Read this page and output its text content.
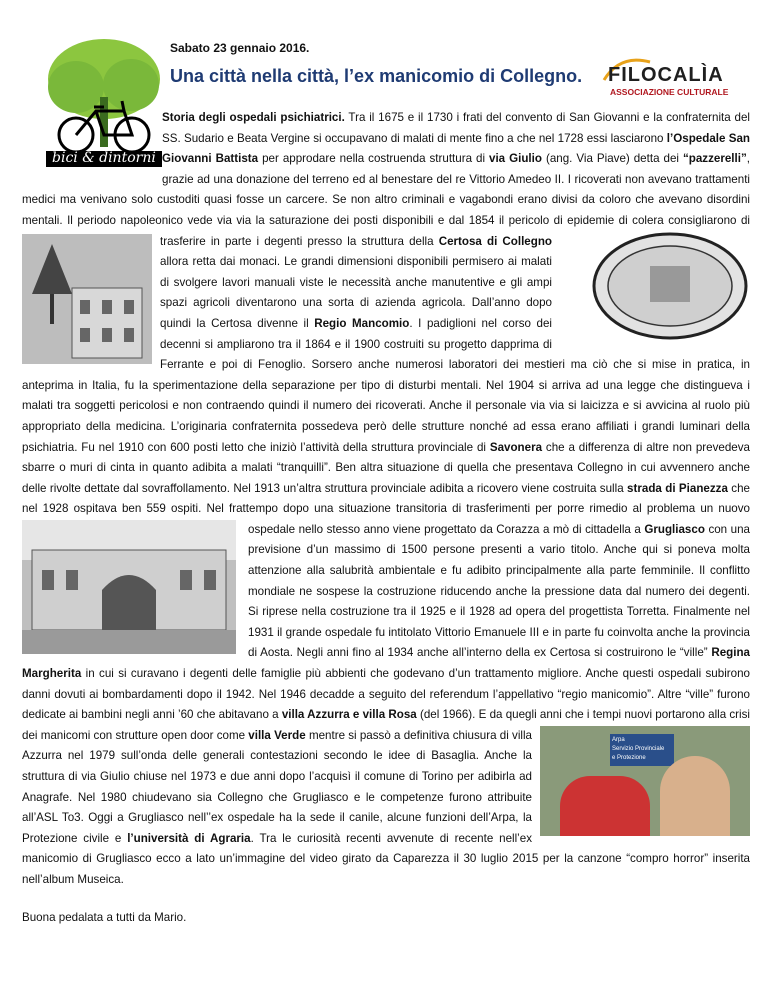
bici & dintorni
Sabato 23 gennaio 2016.
Una città nella città, l’ex manicomio di Collegno. FILOCALÌA
ASSOCIAZIONE CULTURALE

Storia degli ospedali psichiatrici. Tra il 1675 e il 1730 i frati del convento di San Giovanni e la confraternita del SS. Sudario e Beata Vergine si occupavano di malati di mente fino a che nel 1728 essi lasciarono l’Ospedale San Giovanni Battista per approdare nella costruenda struttura di via Giulio (ang. Via Piave) detta dei “pazzerelli”, grazie ad una donazione del terreno ed al benestare del re Vittorio Amedeo II. I ricoverati non avevano trattamenti medici ma venivano solo custoditi quasi fosse un carcere. Se non altro criminali e vagabondi erano divisi da coloro che avevano disordini mentali. Il periodo napoleonico vede via via la saturazione dei posti disponibili e dal 1854 il pericolo di epidemie di colera consigliarono di trasferire in parte i degenti presso la struttura della Certosa di Collegno
allora retta dai monaci. Le grandi dimensioni disponibili permisero ai malati di svolgere lavori manuali viste le necessità anche manutentive e gli ampi spazi agricoli diventarono una sorta di azienda agricola. Dall’anno dopo quindi la Certosa divenne il Regio Mancomio. I padiglioni nel corso dei decenni si ampliarono tra il 1864 e il 1900 costruiti su progetto dapprima di Ferrante e poi di Fenoglio. Sorsero anche numerosi laboratori dei mestieri ma ciò che si mise in pratica, in anteprima in Italia, fu la sperimentazione della separazione per tipo di disturbi mentali. Nel 1904 si arriva ad una legge che distingueva i malati tra soggetti pericolosi e non contraendo quindi il numero dei ricoverati. Anche il personale via via si laicizza e si avvicina al ruolo più appropriato della medicina. L’originaria confraternita possedeva però delle strutture nonché ad essa erano affiliati i grandi luminari della psichiatria. Fu nel 1910 con 600 posti letto che iniziò l’attività della struttura provinciale di Savonera che a differenza di altre non prevedeva sbarre o muri di cinta in quanto adibita a malati “tranquilli”. Ben altra situazione di quella che presentava Collegno in cui avvennero anche delle rivolte dettate dal sovraffollamento. Nel 1913 un’altra struttura provinciale adibita a ricovero viene costruita sulla strada di Pianezza che nel 1928 ospitava ben 559 ospiti. Nel frattempo dopo una situazione transitoria di trasferimenti per porre rimedio al problema un nuovo ospedale nello stesso anno viene progettato da Corazza a mò di cittadella a Grugliasco
con una previsione d’un massimo di 1500 persone presenti a vario titolo. Anche qui si poneva molta attenzione alla salubrità ambientale e fu adibito principalmente alla parte femminile. Il conflitto mondiale ne sospese la costruzione riducendo anche la pressione data dal numero dei degenti. Si riprese nella costruzione tra il 1925 e il 1928 ad opera del progettista Torretta. Finalmente nel 1931 il grande ospedale fu intitolato Vittorio Emanuele III e in parte fu coinvolta anche la provincia di Aosta. Negli anni fino al 1934 anche all’interno della ex Certosa si costruirono le “ville” Regina Margherita in cui si curavano i degenti delle famiglie più abbienti che godevano d’un trattamento migliore. Anche questi ospedali subirono danni dovuti ai bombardamenti dopo il 1942. Nel 1946 decadde a seguito del referendum l’appellativo “regio manicomio”. Altre “ville” furono dedicate ai bambini negli anni ’60 che abitavano a villa Azzurra e villa Rosa (del 1966). E da quegli anni che i tempi nuovi portarono alla crisi dei manicomi con strutture open door come villa Verde	Arpa
Servizio Provinciale
e Protezione
mentre si passò a definitiva chiusura di villa Azzurra nel 1979 sull’onda delle generali contestazioni secondo le idee di Basaglia. Anche la struttura di via Giulio chiuse nel 1973 e due anni dopo l’acquisì il comune di Torino per adibirla ad Anagrafe. Nel 1980 chiudevano sia Collegno che Grugliasco e le competenze furono attribuite all’ASL To3. Oggi a Grugliasco nell’’ex ospedale ha la sede il canile, alcune funzioni dell’Arpa, la Protezione civile e l’università di Agraria. Tra le curiosità recenti avvenute di recente nell’ex manicomio di Grugliasco ecco a lato un’immagine del video girato da Caparezza il 30 luglio 2015 per la canzone “compro horror” inserita nell’album Museica.

Buona pedalata a tutti da Mario.
